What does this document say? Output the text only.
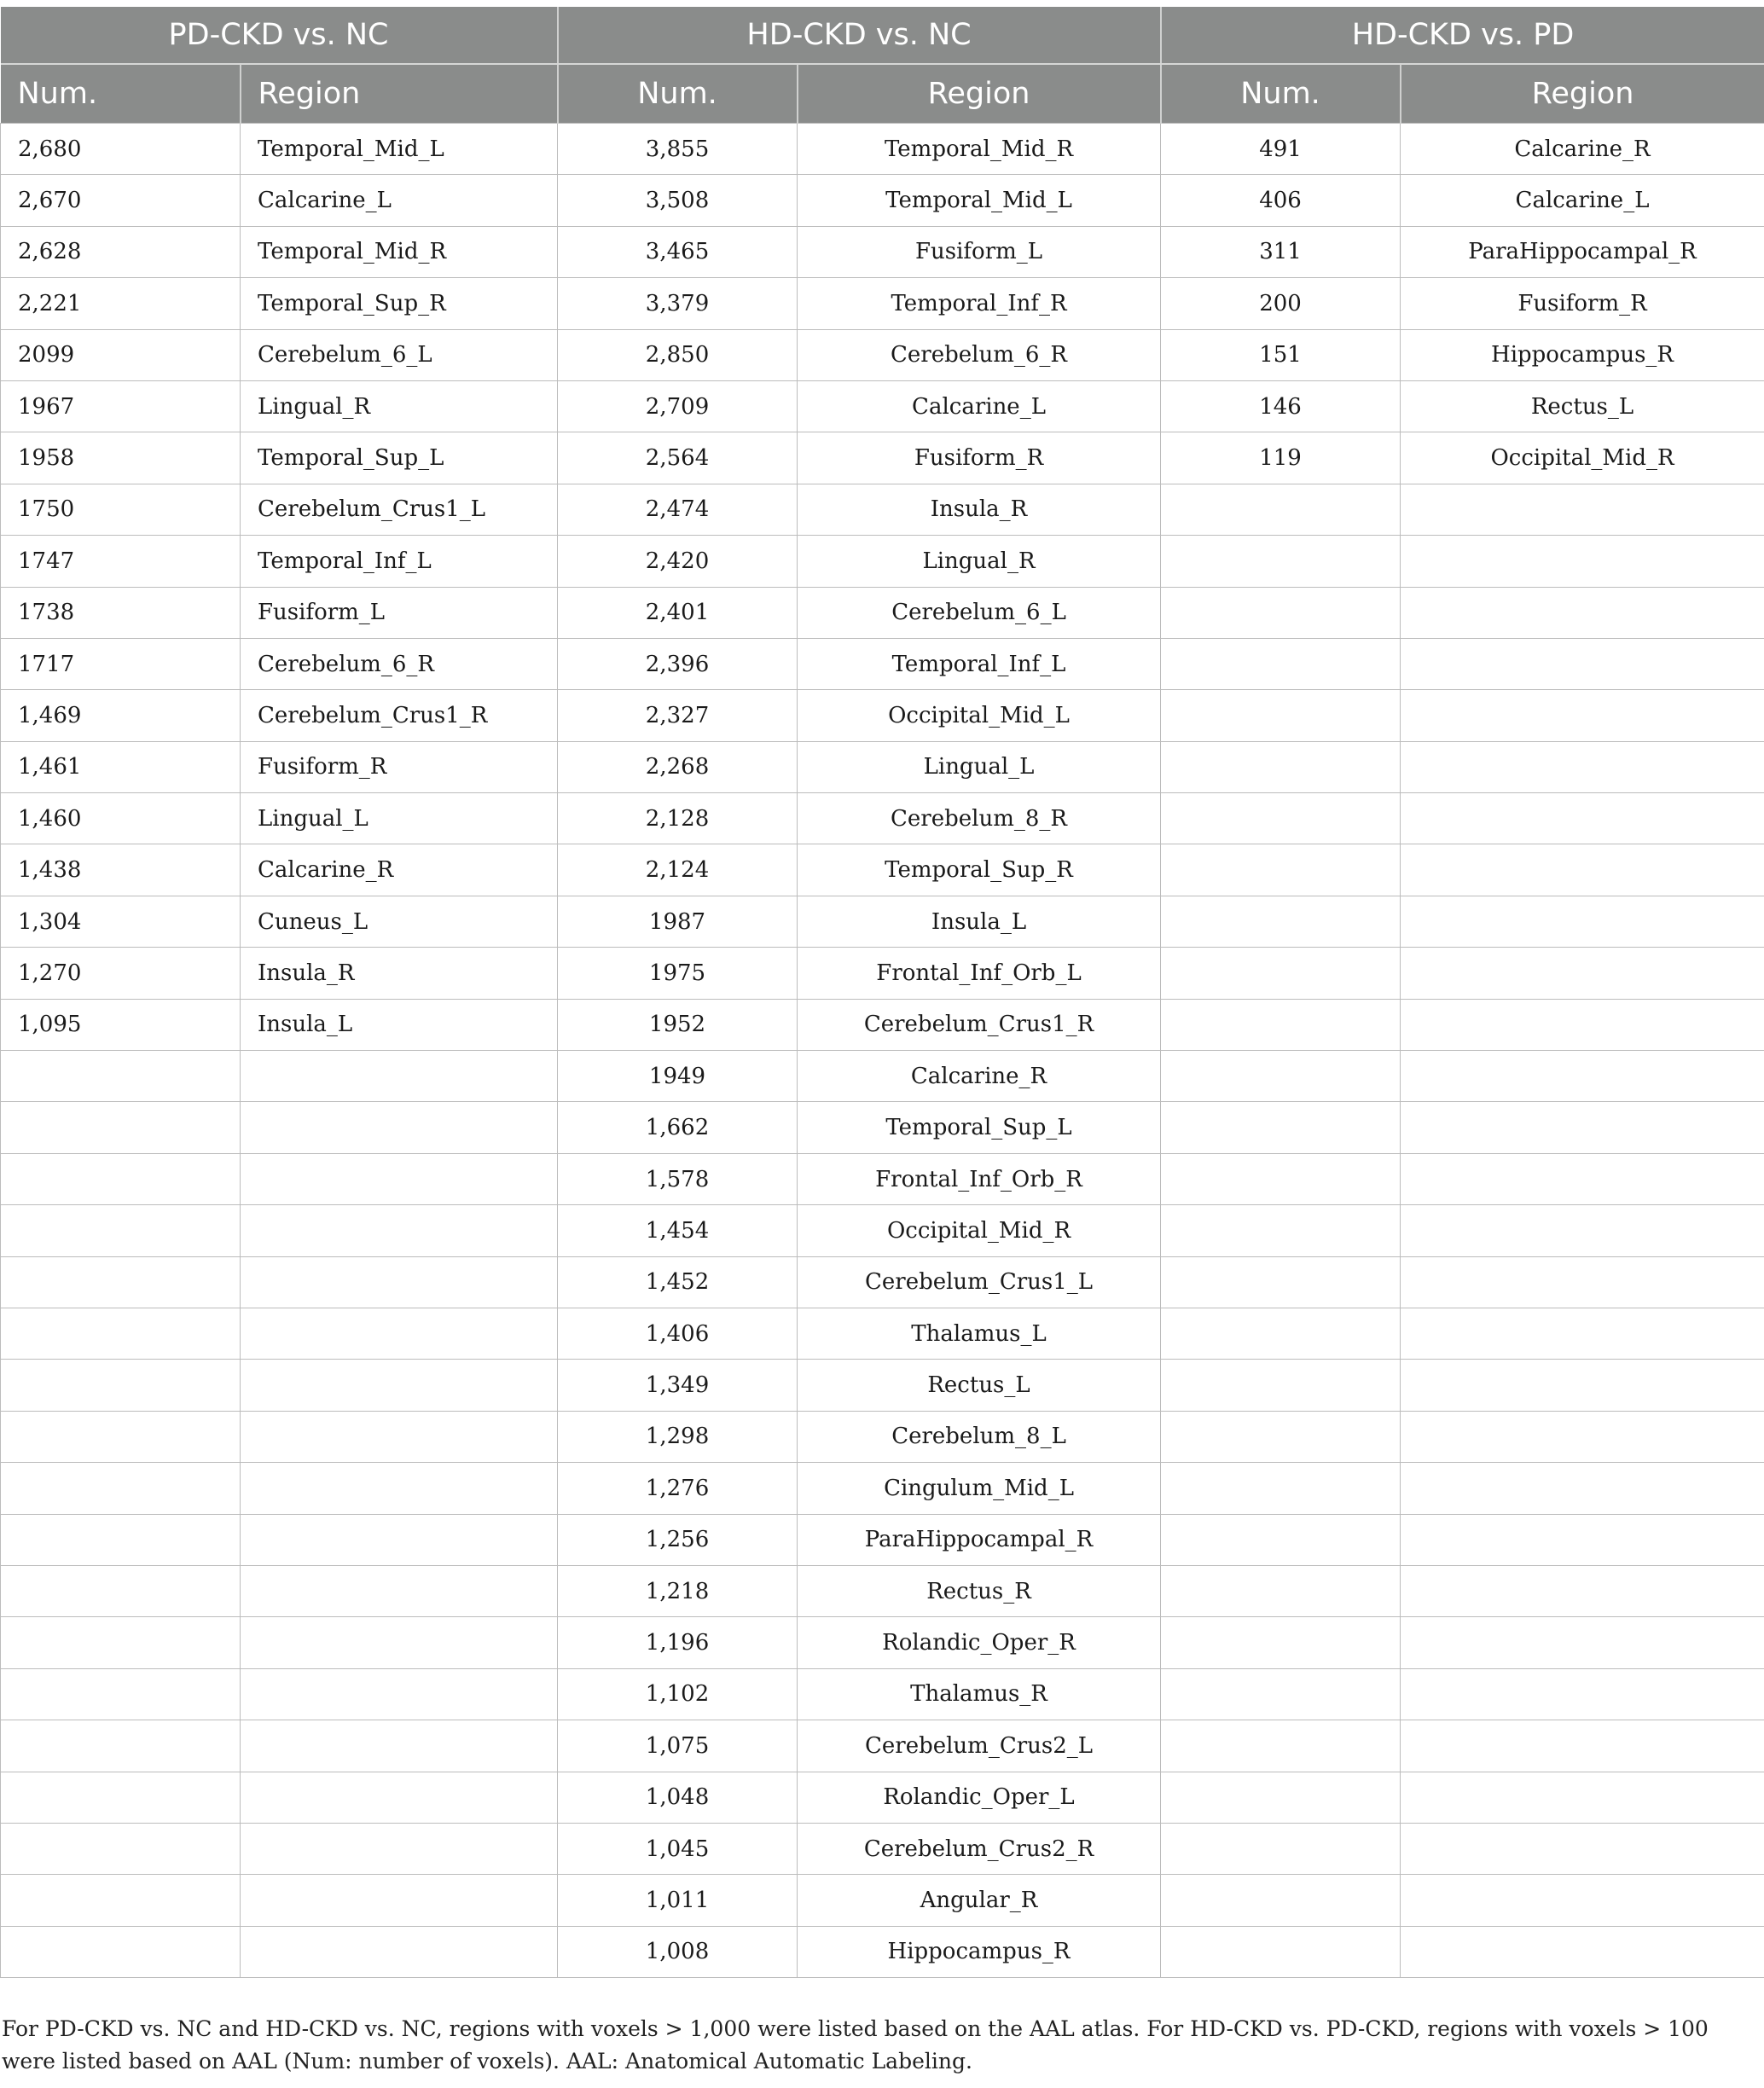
PD-CKD vs. NC		HD-CKD vs. NC		HD-CKD vs. PD	
Num.	Region	Num.	Region	Num.	Region
2,680	Temporal_Mid_L	3,855	Temporal_Mid_R	491	Calcarine_R
2,670	Calcarine_L	3,508	Temporal_Mid_L	406	Calcarine_L
2,628	Temporal_Mid_R	3,465	Fusiform_L	311	ParaHippocampal_R
2,221	Temporal_Sup_R	3,379	Temporal_Inf_R	200	Fusiform_R
2099	Cerebelum_6_L	2,850	Cerebelum_6_R	151	Hippocampus_R
1967	Lingual_R	2,709	Calcarine_L	146	Rectus_L
1958	Temporal_Sup_L	2,564	Fusiform_R	119	Occipital_Mid_R
1750	Cerebelum_Crus1_L	2,474	Insula_R		
1747	Temporal_Inf_L	2,420	Lingual_R		
1738	Fusiform_L	2,401	Cerebelum_6_L		
1717	Cerebelum_6_R	2,396	Temporal_Inf_L		
1,469	Cerebelum_Crus1_R	2,327	Occipital_Mid_L		
1,461	Fusiform_R	2,268	Lingual_L		
1,460	Lingual_L	2,128	Cerebelum_8_R		
1,438	Calcarine_R	2,124	Temporal_Sup_R		
1,304	Cuneus_L	1987	Insula_L		
1,270	Insula_R	1975	Frontal_Inf_Orb_L		
1,095	Insula_L	1952	Cerebelum_Crus1_R		
		1949	Calcarine_R		
		1,662	Temporal_Sup_L		
		1,578	Frontal_Inf_Orb_R		
		1,454	Occipital_Mid_R		
		1,452	Cerebelum_Crus1_L		
		1,406	Thalamus_L		
		1,349	Rectus_L		
		1,298	Cerebelum_8_L		
		1,276	Cingulum_Mid_L		
		1,256	ParaHippocampal_R		
		1,218	Rectus_R		
		1,196	Rolandic_Oper_R		
		1,102	Thalamus_R		
		1,075	Cerebelum_Crus2_L		
		1,048	Rolandic_Oper_L		
		1,045	Cerebelum_Crus2_R		
		1,011	Angular_R		
		1,008	Hippocampus_R		
For PD-CKD vs. NC and HD-CKD vs. NC, regions with voxels > 1,000 were listed based on the AAL atlas. For HD-CKD vs. PD-CKD, regions with voxels > 100 were listed based on AAL (Num: number of voxels). AAL: Anatomical Automatic Labeling.
